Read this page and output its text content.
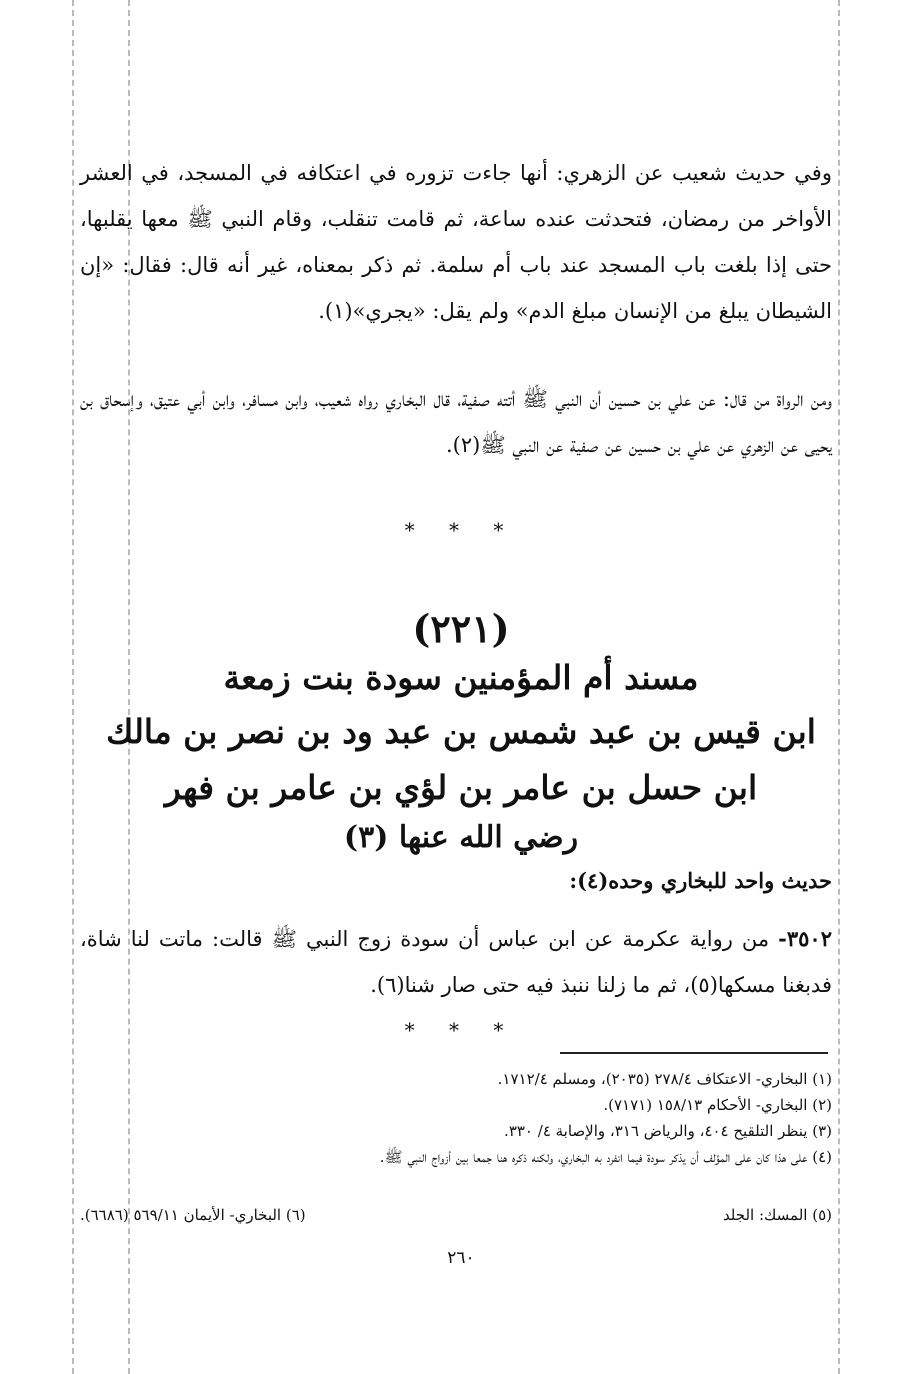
وفي حديث شعيب عن الزهري: أنها جاءت تزوره في اعتكافه في المسجد، في العشر الأواخر من رمضان، فتحدثت عنده ساعة، ثم قامت تنقلب، وقام النبي ﷺ معها يقلبها، حتى إذا بلغت باب المسجد عند باب أم سلمة. ثم ذكر بمعناه، غير أنه قال: فقال: «إن الشيطان يبلغ من الإنسان مبلغ الدم» ولم يقل: «يجري»(١).

ومن الرواة من قال: عن علي بن حسين أن النبي ﷺ أتته صفية، قال البخاري رواه شعيب، وابن مسافر، وابن أبي عتيق، وإسحاق بن يحيى عن الزهري عن علي بن حسين عن صفية عن النبي ﷺ(٢).

* * *
(٢٢١)
مسند أم المؤمنين سودة بنت زمعة
ابن قيس بن عبد شمس بن عبد ود بن نصر بن مالك
ابن حسل بن عامر بن لؤي بن عامر بن فهر
رضي الله عنها (٣)
حديث واحد للبخاري وحده(٤):

٣٥٠٢- من رواية عكرمة عن ابن عباس أن سودة زوج النبي ﷺ قالت: ماتت لنا شاة، فدبغنا مسكها(٥)، ثم ما زلنا ننبذ فيه حتى صار شنا(٦).

* * *
(١) البخاري- الاعتكاف ٢٧٨/٤ (٢٠٣٥)، ومسلم ١٧١٢/٤.
(٢) البخاري- الأحكام ١٥٨/١٣ (٧١٧١).
(٣) ينظر التلقيح ٤٠٤، والرياض ٣١٦، والإصابة ٤/ ٣٣٠.
(٤) على هذا كان على المؤلف أن يذكر سودة فيما انفرد به البخاري، ولكنه ذكره هنا جمعا بين أزواج النبي ﷺ.
(٥) المسك: الجلد
(٦) البخاري- الأيمان ٥٦٩/١١ (٦٦٨٦).
٢٦٠
